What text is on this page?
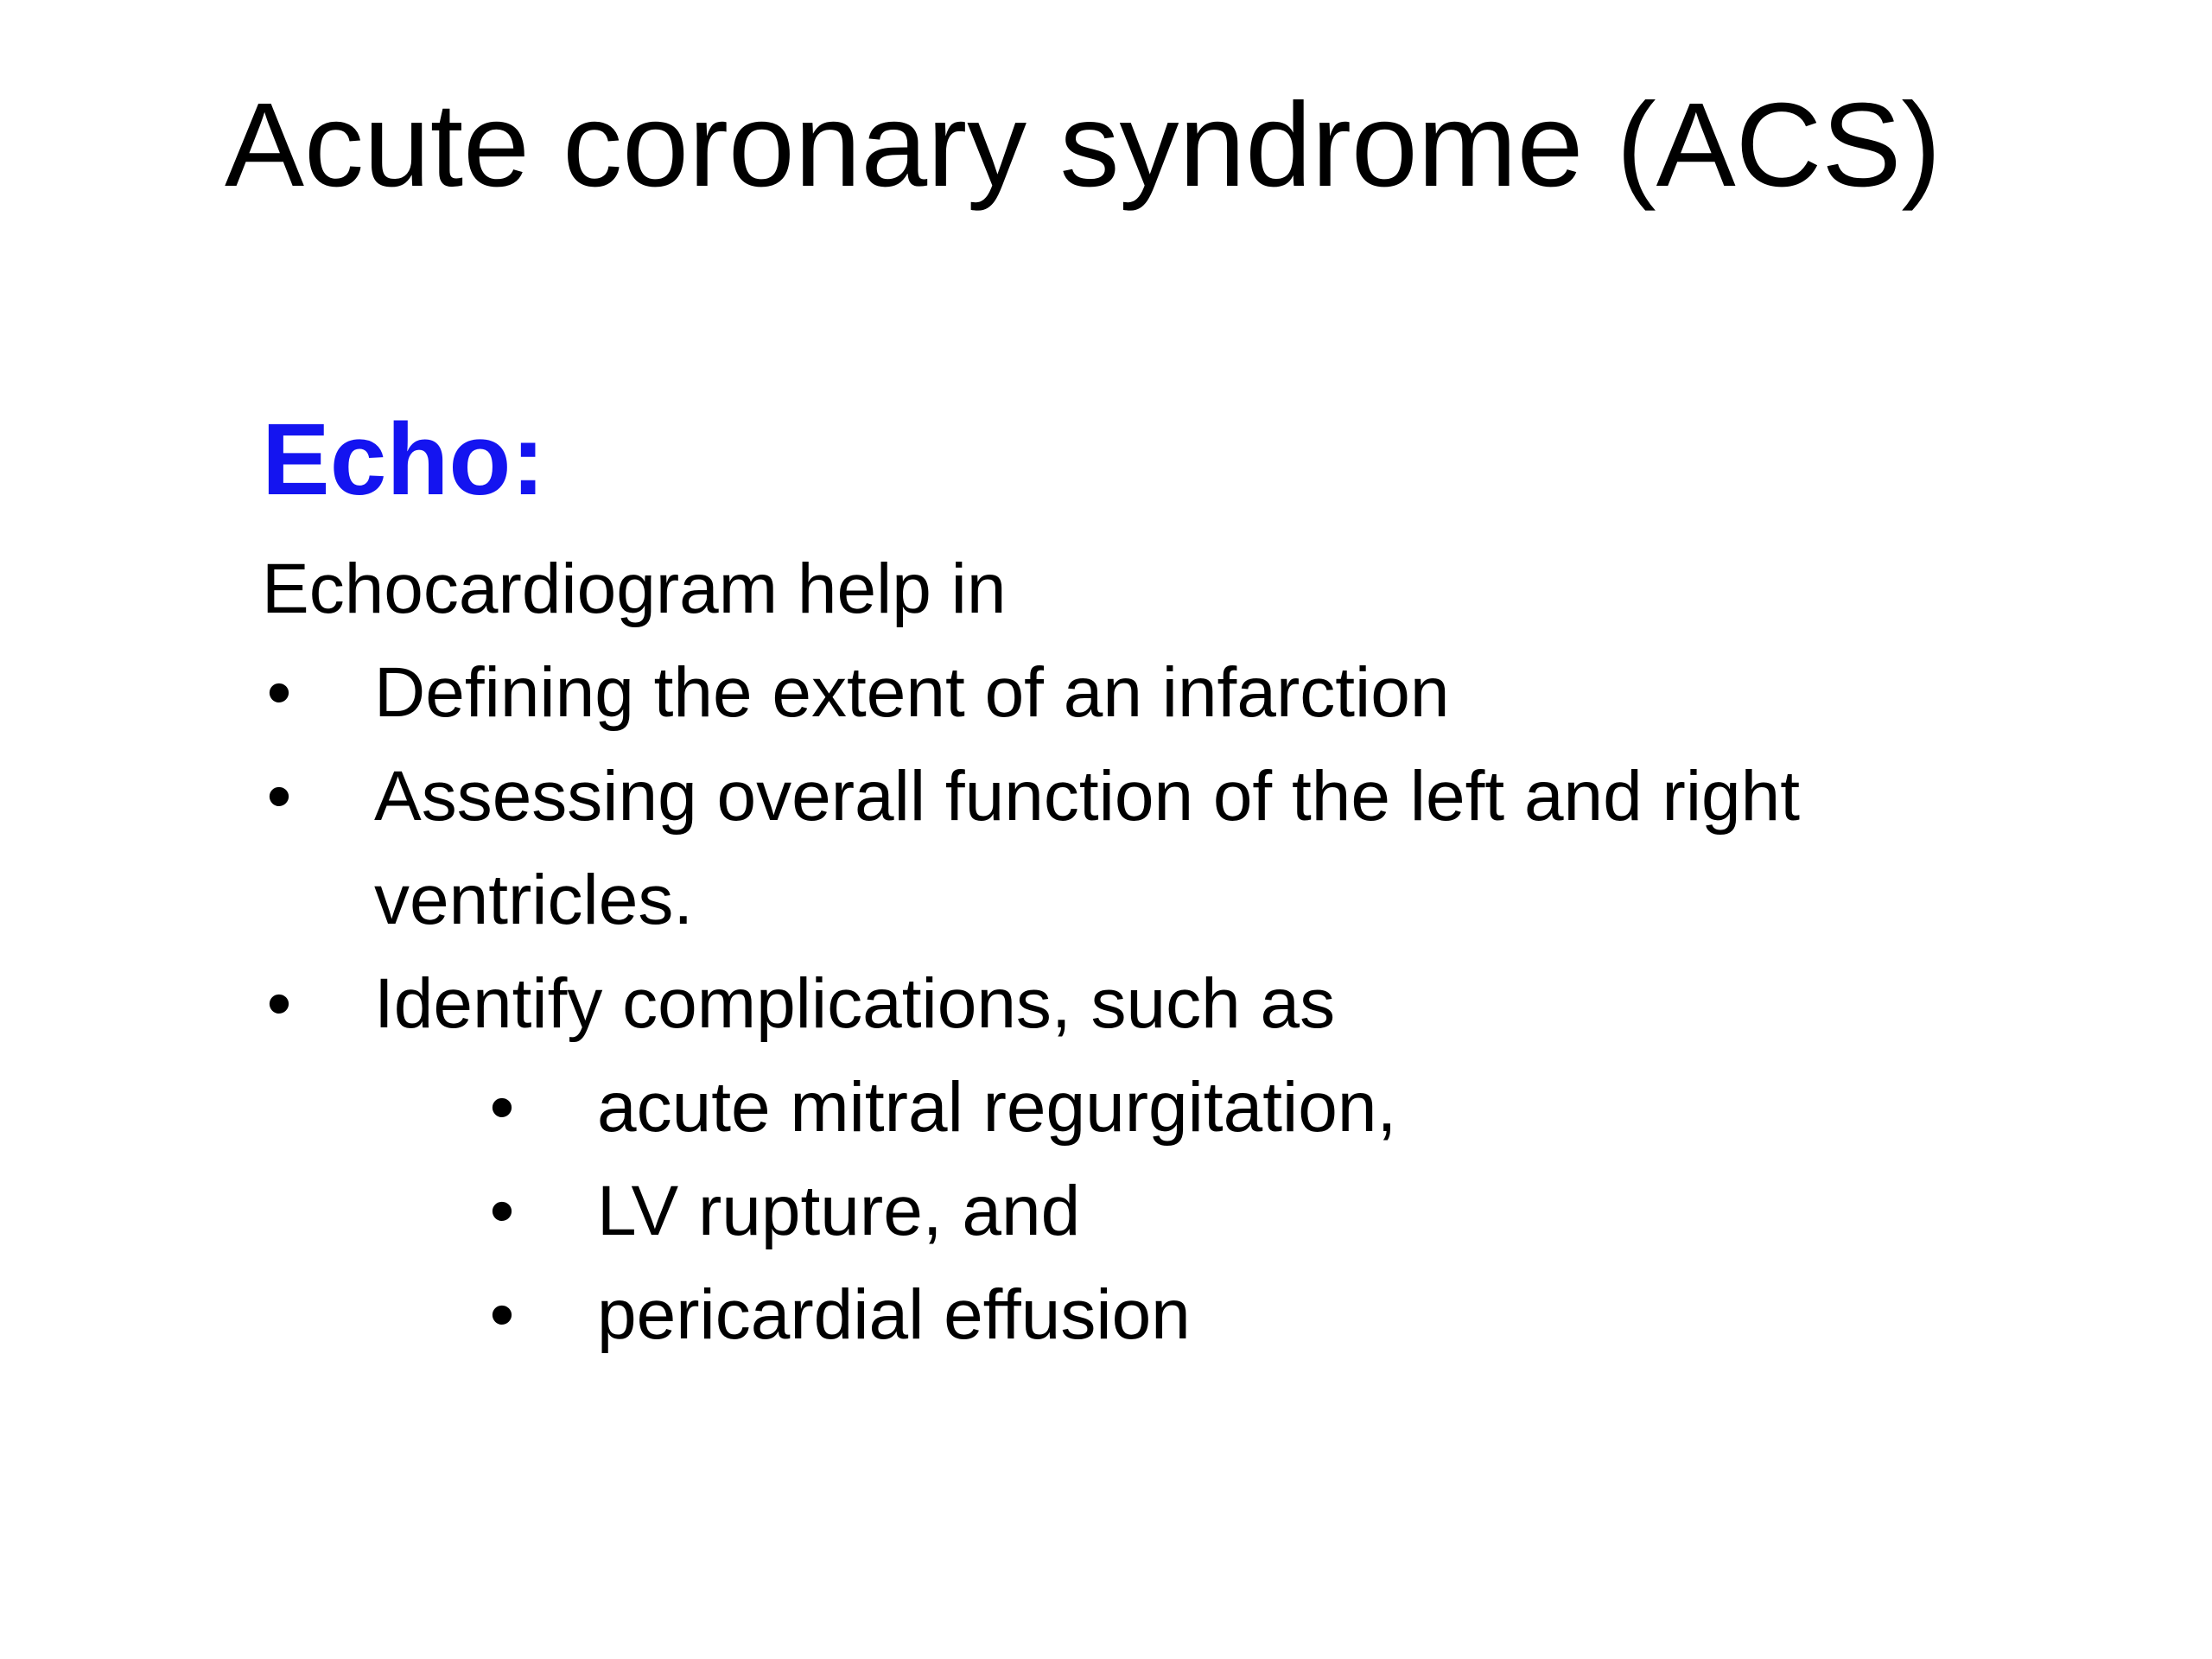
Acute coronary syndrome (ACS)
Echo:
Echocardiogram help in
• Defining the extent of an infarction
• Assessing overall function of the left and right ventricles.
• Identify complications, such as
• acute mitral regurgitation,
• LV rupture, and
• pericardial effusion
